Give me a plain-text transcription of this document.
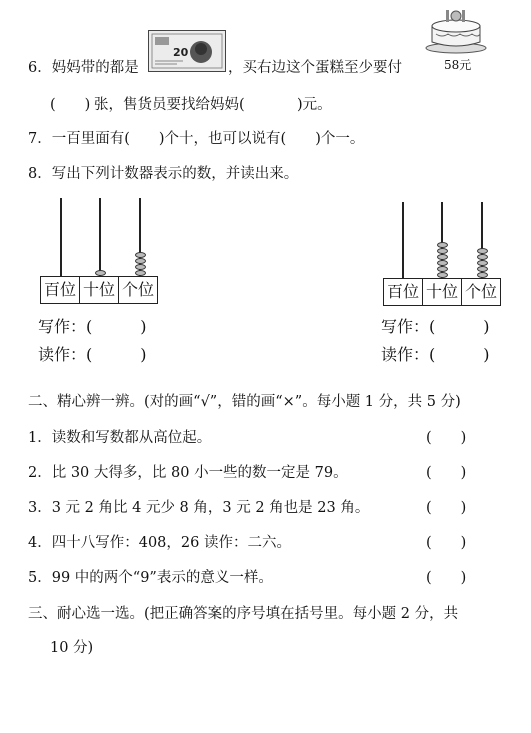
6．妈妈带的都是
20
，买右边这个蛋糕至少要付	58元
(　　) 张，售货员要找给妈妈( 　　)元。
7．一百里面有(　　)个十，也可以说有(　　)个一。
8．写出下列计数器表示的数，并读出来。
百位 十位 个位
写作：(　　　)
读作：(　　　)
百位 十位 个位
写作：(　　　)
读作：(　　　)
二、精心辨一辨。(对的画“√”，错的画“×”。每小题 1 分，共 5 分)
1．读数和写数都从高位起。	(　　)
2．比 30 大得多，比 80 小一些的数一定是 79。	(　　)
3．3 元 2 角比 4 元少 8 角，3 元 2 角也是 23 角。	(　　)
4．四十八写作：408，26 读作：二六。	(　　)
5．99 中的两个“9”表示的意义一样。	(　　)
三、耐心选一选。(把正确答案的序号填在括号里。每小题 2 分，共
10 分)
